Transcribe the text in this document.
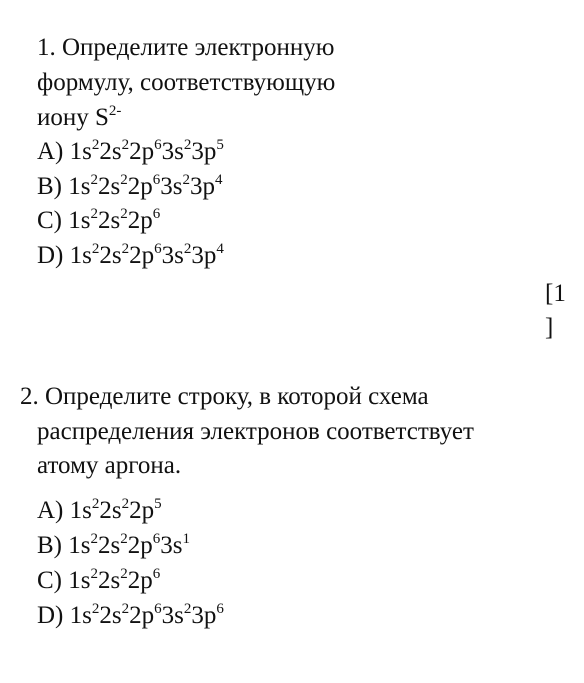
1. Определите электронную
формулу, соответствующую
иону $S^{2-}$
A) $1s^22s^22p^63s^23p^5$
B) $1s^22s^22p^63s^23p^4$
C) $1s^22s^22p^6$
D) $1s^22s^22p^63s^23p^4$
[1
]
2. Определите строку, в которой схема
распределения электронов соответствует
атому аргона.
A) $1s^22s^22p^5$
B) $1s^22s^22p^63s^1$
C) $1s^22s^22p^6$
D) $1s^22s^22p^63s^23p^6$
